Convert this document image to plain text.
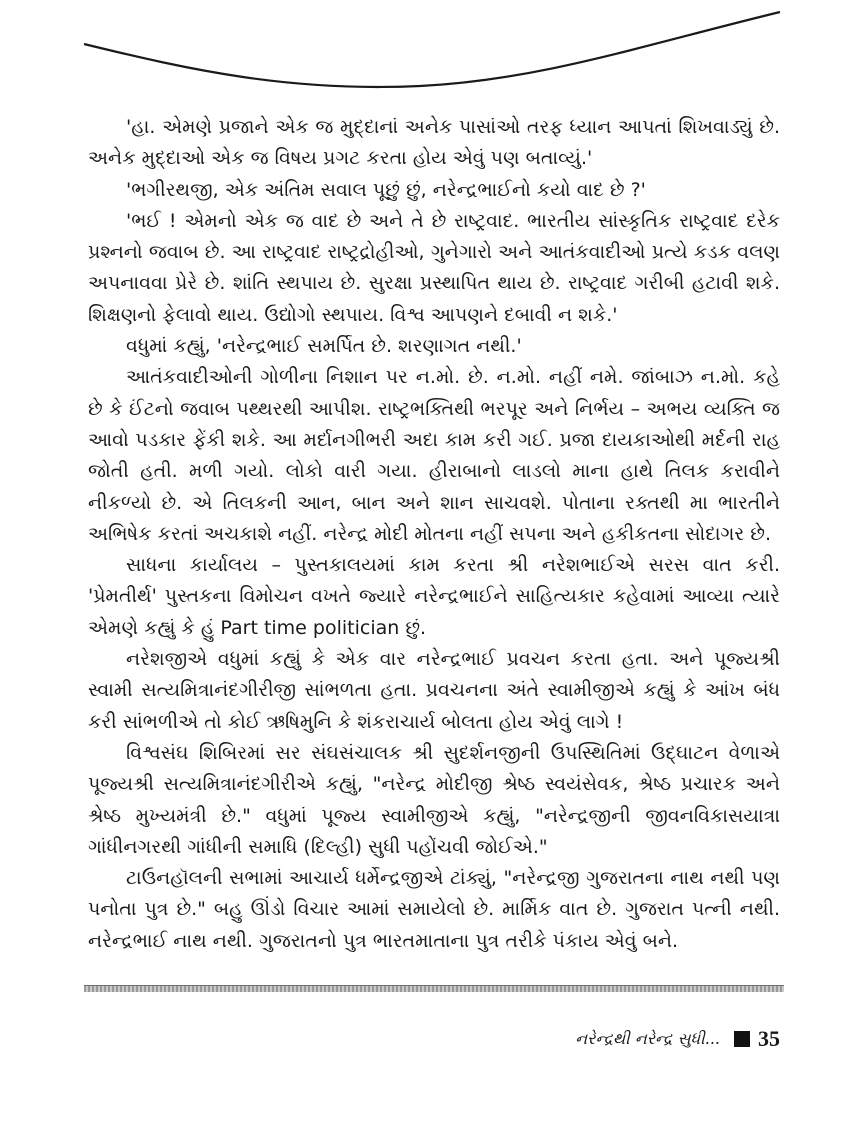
'હા. એમણે પ્રજાને એક જ મુદ્દાનાં અનેક પાસાંઓ તરફ ધ્યાન આપતાં શિખવાડ્યું છે. અનેક મુદ્દાઓ એક જ વિષય પ્રગટ કરતા હોય એવું પણ બતાવ્યું.'

'ભગીરથજી, એક અંતિમ સવાલ પૂછું છું, નરેન્દ્રભાઈનો કયો વાદ છે ?'

'ભઈ ! એમનો એક જ વાદ છે અને તે છે રાષ્ટ્રવાદ. ભારતીય સાંસ્કૃતિક રાષ્ટ્રવાદ દરેક પ્રશ્નનો જવાબ છે. આ રાષ્ટ્રવાદ રાષ્ટ્રદ્રોહીઓ, ગુનેગારો અને આતંકવાદીઓ પ્રત્યે કડક વલણ અપનાવવા પ્રેરે છે. શાંતિ સ્થપાય છે. સુરક્ષા પ્રસ્થાપિત થાય છે. રાષ્ટ્રવાદ ગરીબી હટાવી શકે. શિક્ષણનો ફેલાવો થાય. ઉદ્યોગો સ્થપાય. વિશ્વ આપણને દબાવી ન શકે.'

વધુમાં કહ્યું, 'નરેન્દ્રભાઈ સમર્પિત છે. શરણાગત નથી.'

આતંકવાદીઓની ગોળીના નિશાન પર ન.મો. છે. ન.મો. નહીં નમે. જાંબાઝ ન.મો. કહે છે કે ઈંટનો જવાબ પથ્થરથી આપીશ. રાષ્ટ્રભક્તિથી ભરપૂર અને નિર્ભય – અભય વ્યક્તિ જ આવો પડકાર ફેંકી શકે. આ મર્દાનગીભરી અદા કામ કરી ગઈ. પ્રજા દાયકાઓથી મર્દની રાહ જોતી હતી. મળી ગયો. લોકો વારી ગયા. હીરાબાનો લાડલો માના હાથે તિલક કરાવીને નીકળ્યો છે. એ તિલકની આન, બાન અને શાન સાચવશે. પોતાના રક્તથી મા ભારતીને અભિષેક કરતાં અચકાશે નહીં. નરેન્દ્ર મોદી મોતના નહીં સપના અને હકીકતના સોદાગર છે.

સાધના કાર્યાલય – પુસ્તકાલયમાં કામ કરતા શ્રી નરેશભાઈએ સરસ વાત કરી. 'પ્રેમતીર્થ' પુસ્તકના વિમોચન વખતે જ્યારે નરેન્દ્રભાઈને સાહિત્યકાર કહેવામાં આવ્યા ત્યારે એમણે કહ્યું કે હું Part time politician છું.

નરેશજીએ વધુમાં કહ્યું કે એક વાર નરેન્દ્રભાઈ પ્રવચન કરતા હતા. અને પૂજ્યશ્રી સ્વામી સત્યમિત્રાનંદગીરીજી સાંભળતા હતા. પ્રવચનના અંતે સ્વામીજીએ કહ્યું કે આંખ બંધ કરી સાંભળીએ તો કોઈ ઋષિમુનિ કે શંકરાચાર્ય બોલતા હોય એવું લાગે !

વિશ્વસંઘ શિબિરમાં સર સંઘસંચાલક શ્રી સુદર્શનજીની ઉપસ્થિતિમાં ઉદ્ઘાટન વેળાએ પૂજ્યશ્રી સત્યમિત્રાનંદગીરીએ કહ્યું, "નરેન્દ્ર મોદીજી શ્રેષ્ઠ સ્વયંસેવક, શ્રેષ્ઠ પ્રચારક અને શ્રેષ્ઠ મુખ્યમંત્રી છે." વધુમાં પૂજ્ય સ્વામીજીએ કહ્યું, "નરેન્દ્રજીની જીવનવિકાસયાત્રા ગાંધીનગરથી ગાંધીની સમાધિ (દિલ્હી) સુધી પહોંચવી જોઈએ."

ટાઉનહૉલની સભામાં આચાર્ય ધર્મેન્દ્રજીએ ટાંક્યું, "નરેન્દ્રજી ગુજરાતના નાથ નથી પણ પનોતા પુત્ર છે." બહુ ઊંડો વિચાર આમાં સમાયેલો છે. માર્મિક વાત છે. ગુજરાત પત્ની નથી. નરેન્દ્રભાઈ નાથ નથી. ગુજરાતનો પુત્ર ભારતમાતાના પુત્ર તરીકે પંકાય એવું બને.

નરેન્દ્રથી નરેન્દ્ર સુધી... 35
